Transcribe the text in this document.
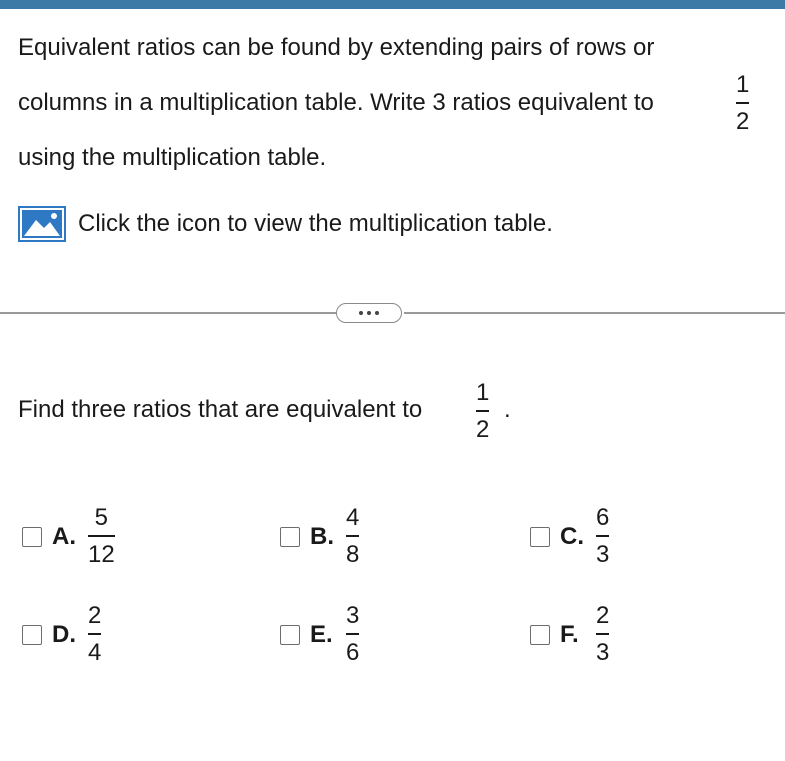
Equivalent ratios can be found by extending pairs of rows or
columns in a multiplication table. Write 3 ratios equivalent to
1
2
using the multiplication table.
Click the icon to view the multiplication table.
Find three ratios that are equivalent to
1
2
.
A. $\frac{5}{12}$	B. $\frac{4}{8}$	C. $\frac{6}{3}$
D. $\frac{2}{4}$	E. $\frac{3}{6}$	F. $\frac{2}{3}$
